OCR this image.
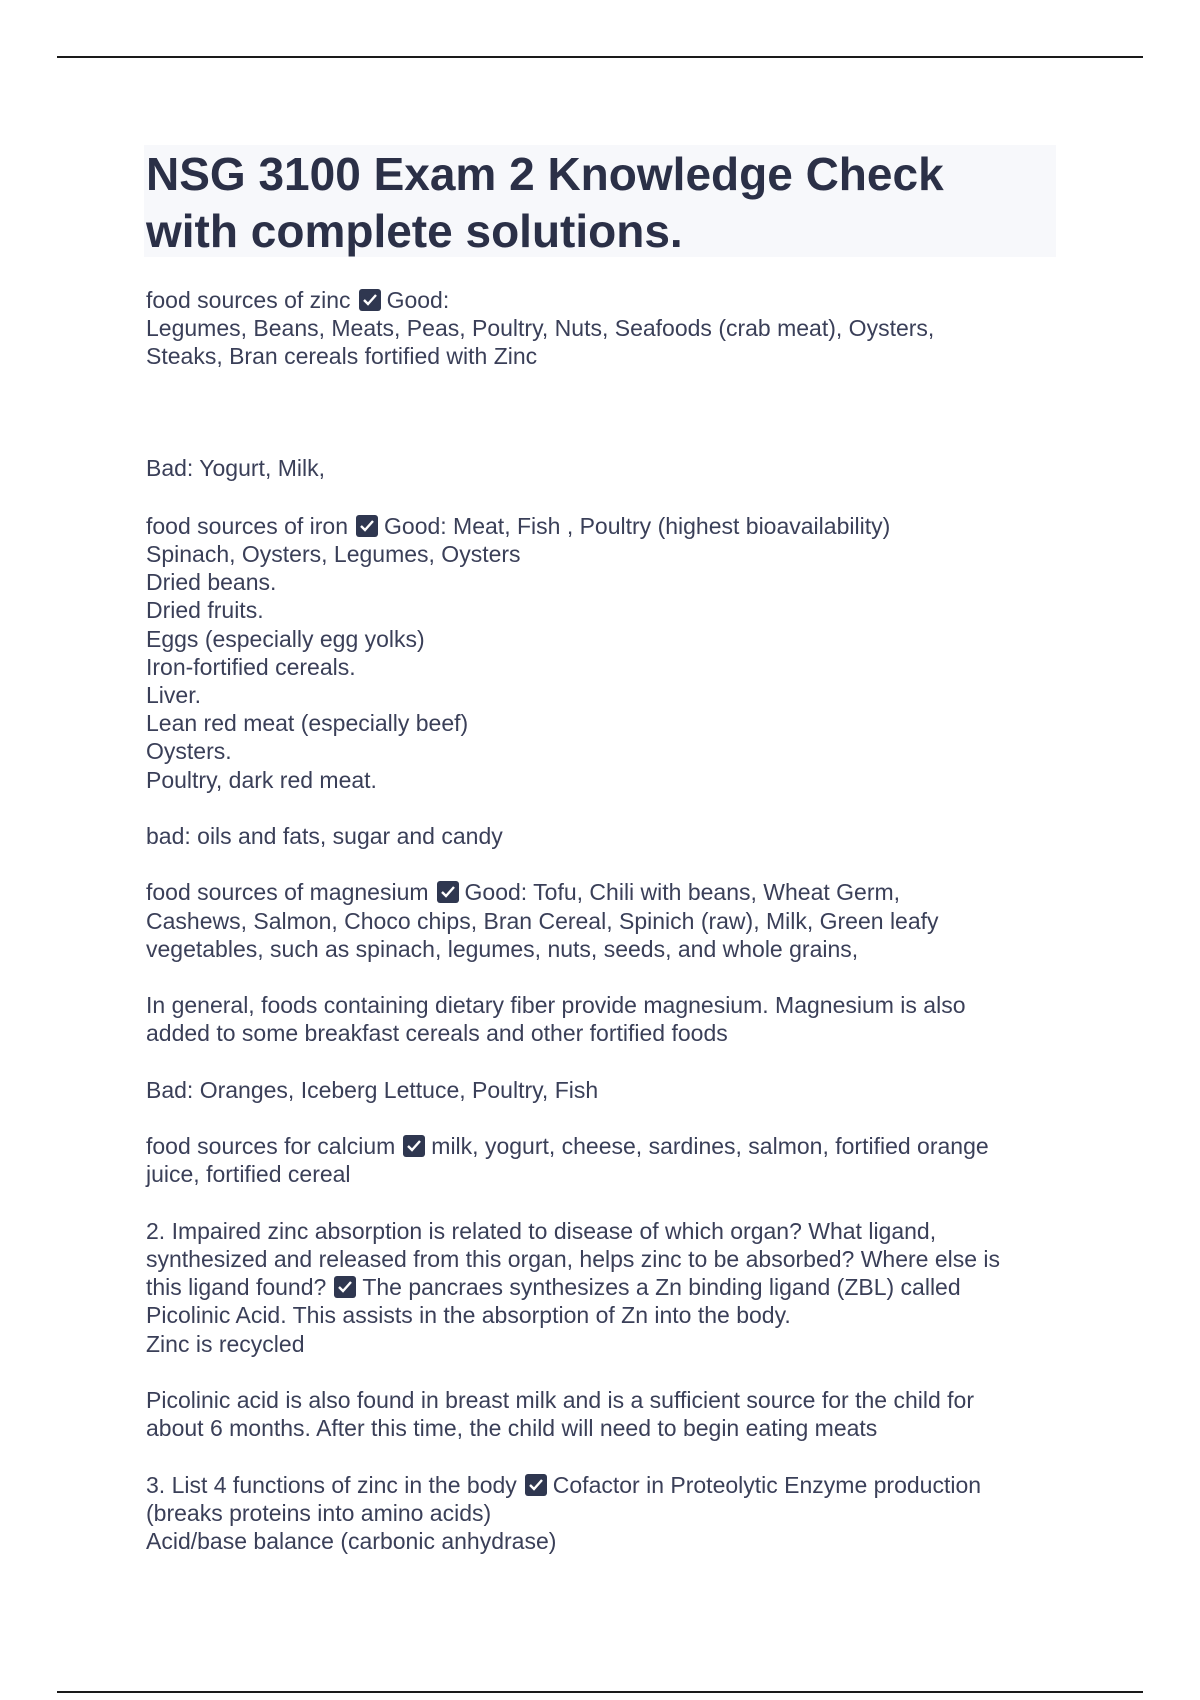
NSG 3100 Exam 2 Knowledge Check
with complete solutions.
food sources of zinc Good:
Legumes, Beans, Meats, Peas, Poultry, Nuts, Seafoods (crab meat), Oysters,
Steaks, Bran cereals fortified with Zinc
Bad: Yogurt, Milk,
food sources of iron Good: Meat, Fish , Poultry (highest bioavailability)
Spinach, Oysters, Legumes, Oysters
Dried beans.
Dried fruits.
Eggs (especially egg yolks)
Iron-fortified cereals.
Liver.
Lean red meat (especially beef)
Oysters.
Poultry, dark red meat.
bad: oils and fats, sugar and candy
food sources of magnesium Good: Tofu, Chili with beans, Wheat Germ,
Cashews, Salmon, Choco chips, Bran Cereal, Spinich (raw), Milk, Green leafy
vegetables, such as spinach, legumes, nuts, seeds, and whole grains,
In general, foods containing dietary fiber provide magnesium. Magnesium is also
added to some breakfast cereals and other fortified foods
Bad: Oranges, Iceberg Lettuce, Poultry, Fish
food sources for calcium milk, yogurt, cheese, sardines, salmon, fortified orange
juice, fortified cereal
2. Impaired zinc absorption is related to disease of which organ? What ligand,
synthesized and released from this organ, helps zinc to be absorbed? Where else is
this ligand found? The pancraes synthesizes a Zn binding ligand (ZBL) called
Picolinic Acid. This assists in the absorption of Zn into the body.
Zinc is recycled
Picolinic acid is also found in breast milk and is a sufficient source for the child for
about 6 months. After this time, the child will need to begin eating meats
3. List 4 functions of zinc in the body Cofactor in Proteolytic Enzyme production
(breaks proteins into amino acids)
Acid/base balance (carbonic anhydrase)
